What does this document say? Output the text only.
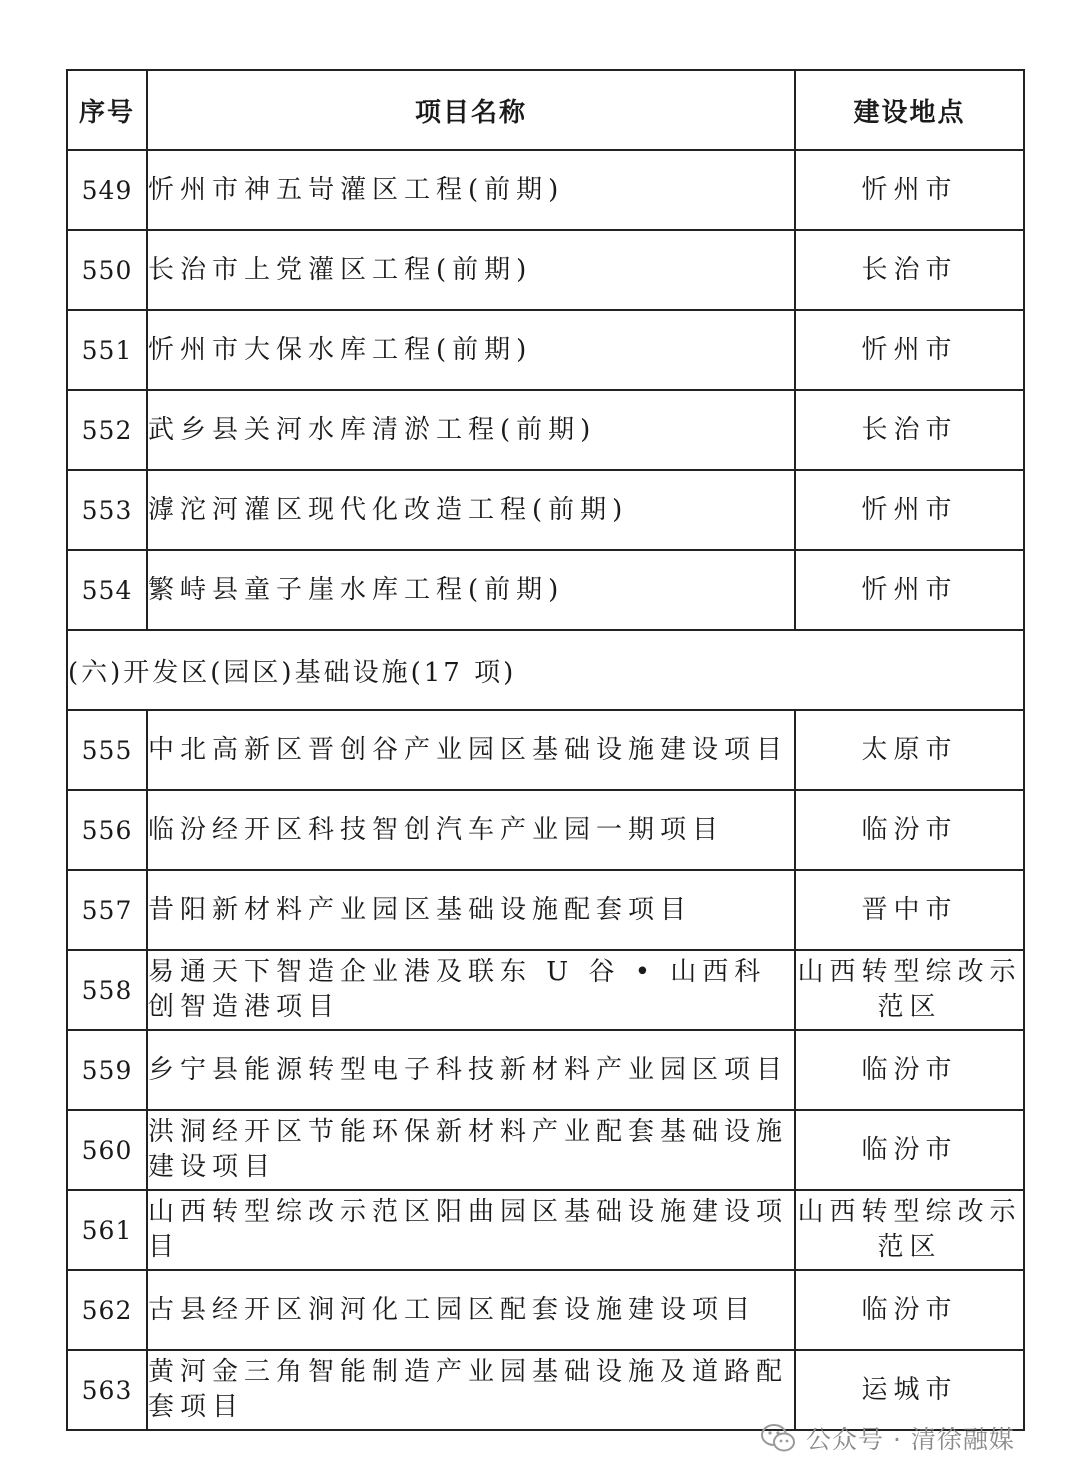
序号	项目名称	建设地点
549	忻州市神五岢灌区工程(前期)	忻州市
550	长治市上党灌区工程(前期)	长治市
551	忻州市大保水库工程(前期)	忻州市
552	武乡县关河水库清淤工程(前期)	长治市
553	滹沱河灌区现代化改造工程(前期)	忻州市
554	繁峙县童子崖水库工程(前期)	忻州市
(六)开发区(园区)基础设施(17 项)		
555	中北高新区晋创谷产业园区基础设施建设项目	太原市
556	临汾经开区科技智创汽车产业园一期项目	临汾市
557	昔阳新材料产业园区基础设施配套项目	晋中市
558	易通天下智造企业港及联东 U 谷 • 山西科创智造港项目	山西转型综改示范区
559	乡宁县能源转型电子科技新材料产业园区项目	临汾市
560	洪洞经开区节能环保新材料产业配套基础设施建设项目	临汾市
561	山西转型综改示范区阳曲园区基础设施建设项目	山西转型综改示范区
562	古县经开区涧河化工园区配套设施建设项目	临汾市
563	黄河金三角智能制造产业园基础设施及道路配套项目	运城市
公众号 · 清徐融媒
